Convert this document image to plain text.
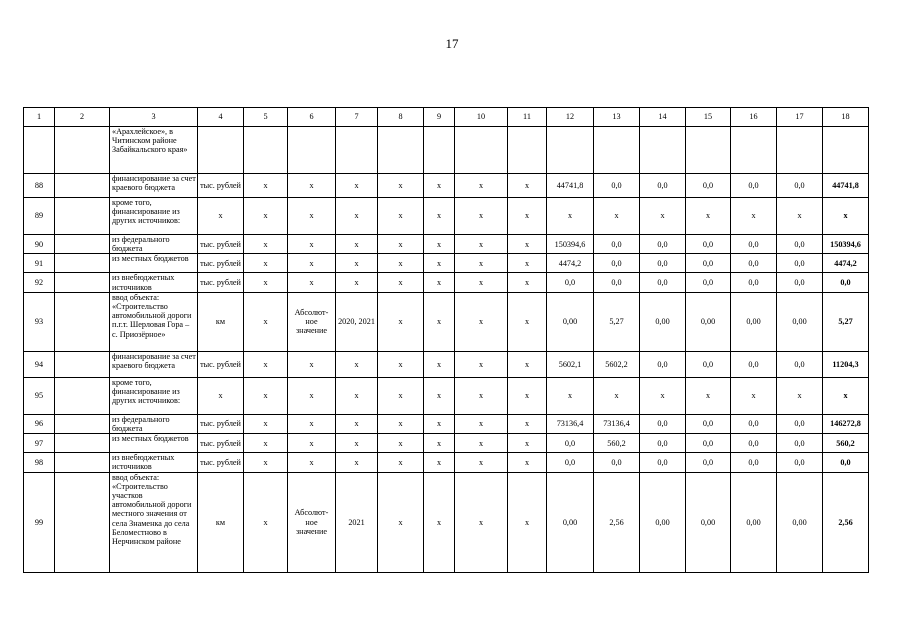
17
1	2	3	4	5	6	7	8	9	10	11	12	13	14	15	16	17	18
		«Арахлейское», в Читинском районе Забайкальского края»															
88		финансирование за счет краевого бюджета	тыс. рублей	х	х	х	х	х	х	х	44741,8	0,0	0,0	0,0	0,0	0,0	44741,8
89		кроме того, финансирование из других источников:	х	х	х	х	х	х	х	х	х	х	х	х	х	х	х
90		из федерального бюджета	тыс. рублей	х	х	х	х	х	х	х	150394,6	0,0	0,0	0,0	0,0	0,0	150394,6
91		из местных бюджетов	тыс. рублей	х	х	х	х	х	х	х	4474,2	0,0	0,0	0,0	0,0	0,0	4474,2
92		из внебюджетных источников	тыс. рублей	х	х	х	х	х	х	х	0,0	0,0	0,0	0,0	0,0	0,0	0,0
93		ввод объекта: «Строительство автомобильной дороги п.г.т. Шерловая Гора – с. Приозёрное»	км	х	Абсолют-ное значение	2020, 2021	х	х	х	х	0,00	5,27	0,00	0,00	0,00	0,00	5,27
94		финансирование за счет краевого бюджета	тыс. рублей	х	х	х	х	х	х	х	5602,1	5602,2	0,0	0,0	0,0	0,0	11204,3
95		кроме того, финансирование из других источников:	х	х	х	х	х	х	х	х	х	х	х	х	х	х	х
96		из федерального бюджета	тыс. рублей	х	х	х	х	х	х	х	73136,4	73136,4	0,0	0,0	0,0	0,0	146272,8
97		из местных бюджетов	тыс. рублей	х	х	х	х	х	х	х	0,0	560,2	0,0	0,0	0,0	0,0	560,2
98		из внебюджетных источников	тыс. рублей	х	х	х	х	х	х	х	0,0	0,0	0,0	0,0	0,0	0,0	0,0
99		ввод объекта: «Строительство участков автомобильной дороги местного значения от села Знаменка до села Беломестново в Нерчинском районе	км	х	Абсолют-ное значение	2021	х	х	х	х	0,00	2,56	0,00	0,00	0,00	0,00	2,56
